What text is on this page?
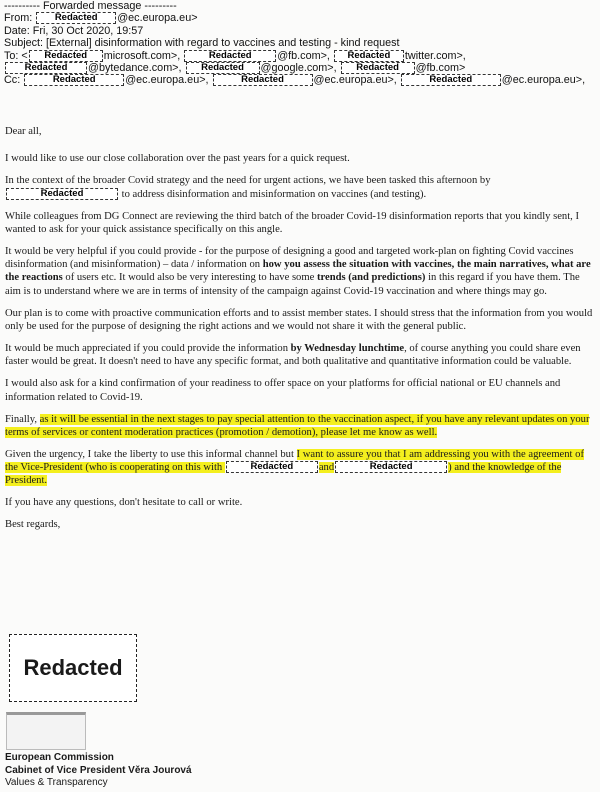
---------- Forwarded message ---------
From: Redacted @ec.europa.eu>
Date: Fri, 30 Oct 2020, 19:57
Subject: [External] disinformation with regard to vaccines and testing - kind request
To: < Redacted microsoft.com>,	Redacted @fb.com>, Redacted twitter.com>,
Redacted @bytedance.com>, Redacted @google.com>, Redacted @fb.com>
Cc:	Redacted	@ec.europa.eu>,	Redacted	@ec.europa.eu>,	Redacted	@ec.europa.eu>,

Dear all,

I would like to use our close collaboration over the past years for a quick request.

In the context of the broader Covid strategy and the need for urgent actions, we have been tasked this afternoon by Redacted	to address disinformation and misinformation on vaccines (and testing).

While colleagues from DG Connect are reviewing the third batch of the broader Covid-19 disinformation reports that you kindly sent, I wanted to ask for your quick assistance specifically on this angle.

It would be very helpful if you could provide - for the purpose of designing a good and targeted work-plan on fighting Covid vaccines disinformation (and misinformation) – data / information on how you assess the situation with vaccines, the main narratives, what are the reactions of users etc. It would also be very interesting to have some trends (and predictions) in this regard if you have them. The aim is to understand where we are in terms of intensity of the campaign against Covid-19 vaccination and where things may go.

Our plan is to come with proactive communication efforts and to assist member states. I should stress that the information from you would only be used for the purpose of designing the right actions and we would not share it with the general public.

It would be much appreciated if you could provide the information by Wednesday lunchtime, of course anything you could share even faster would be great. It doesn't need to have any specific format, and both qualitative and quantitative information could be valuable.

I would also ask for a kind confirmation of your readiness to offer space on your platforms for official national or EU channels and information related to Covid-19.

Finally, as it will be essential in the next stages to pay special attention to the vaccination aspect, if you have any relevant updates on your terms of services or content moderation practices (promotion / demotion), please let me know as well.

Given the urgency, I take the liberty to use this informal channel but I want to assure you that I am addressing you with the agreement of the Vice-President (who is cooperating on this with	Redacted and	Redacted	) and the knowledge of the President.

If you have any questions, don't hesitate to call or write.

Best regards,

Redacted
European Commission
Cabinet of Vice President Věra Jourová
Values & Transparency
